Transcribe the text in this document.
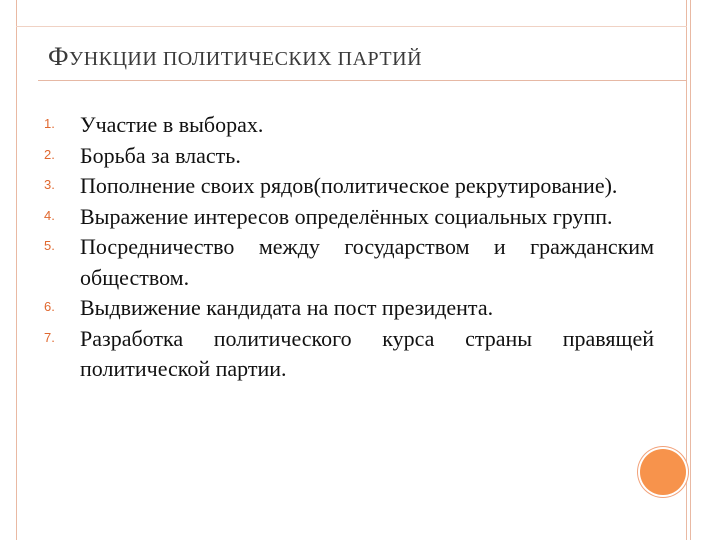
ФУНКЦИИ ПОЛИТИЧЕСКИХ ПАРТИЙ
1. Участие в выборах.
2. Борьба за власть.
3. Пополнение своих рядов(политическое рекрутирование).
4. Выражение интересов определённых социальных групп.
5. Посредничество между государством и гражданским обществом.
6. Выдвижение кандидата на пост президента.
7. Разработка политического курса страны правящей политической партии.
